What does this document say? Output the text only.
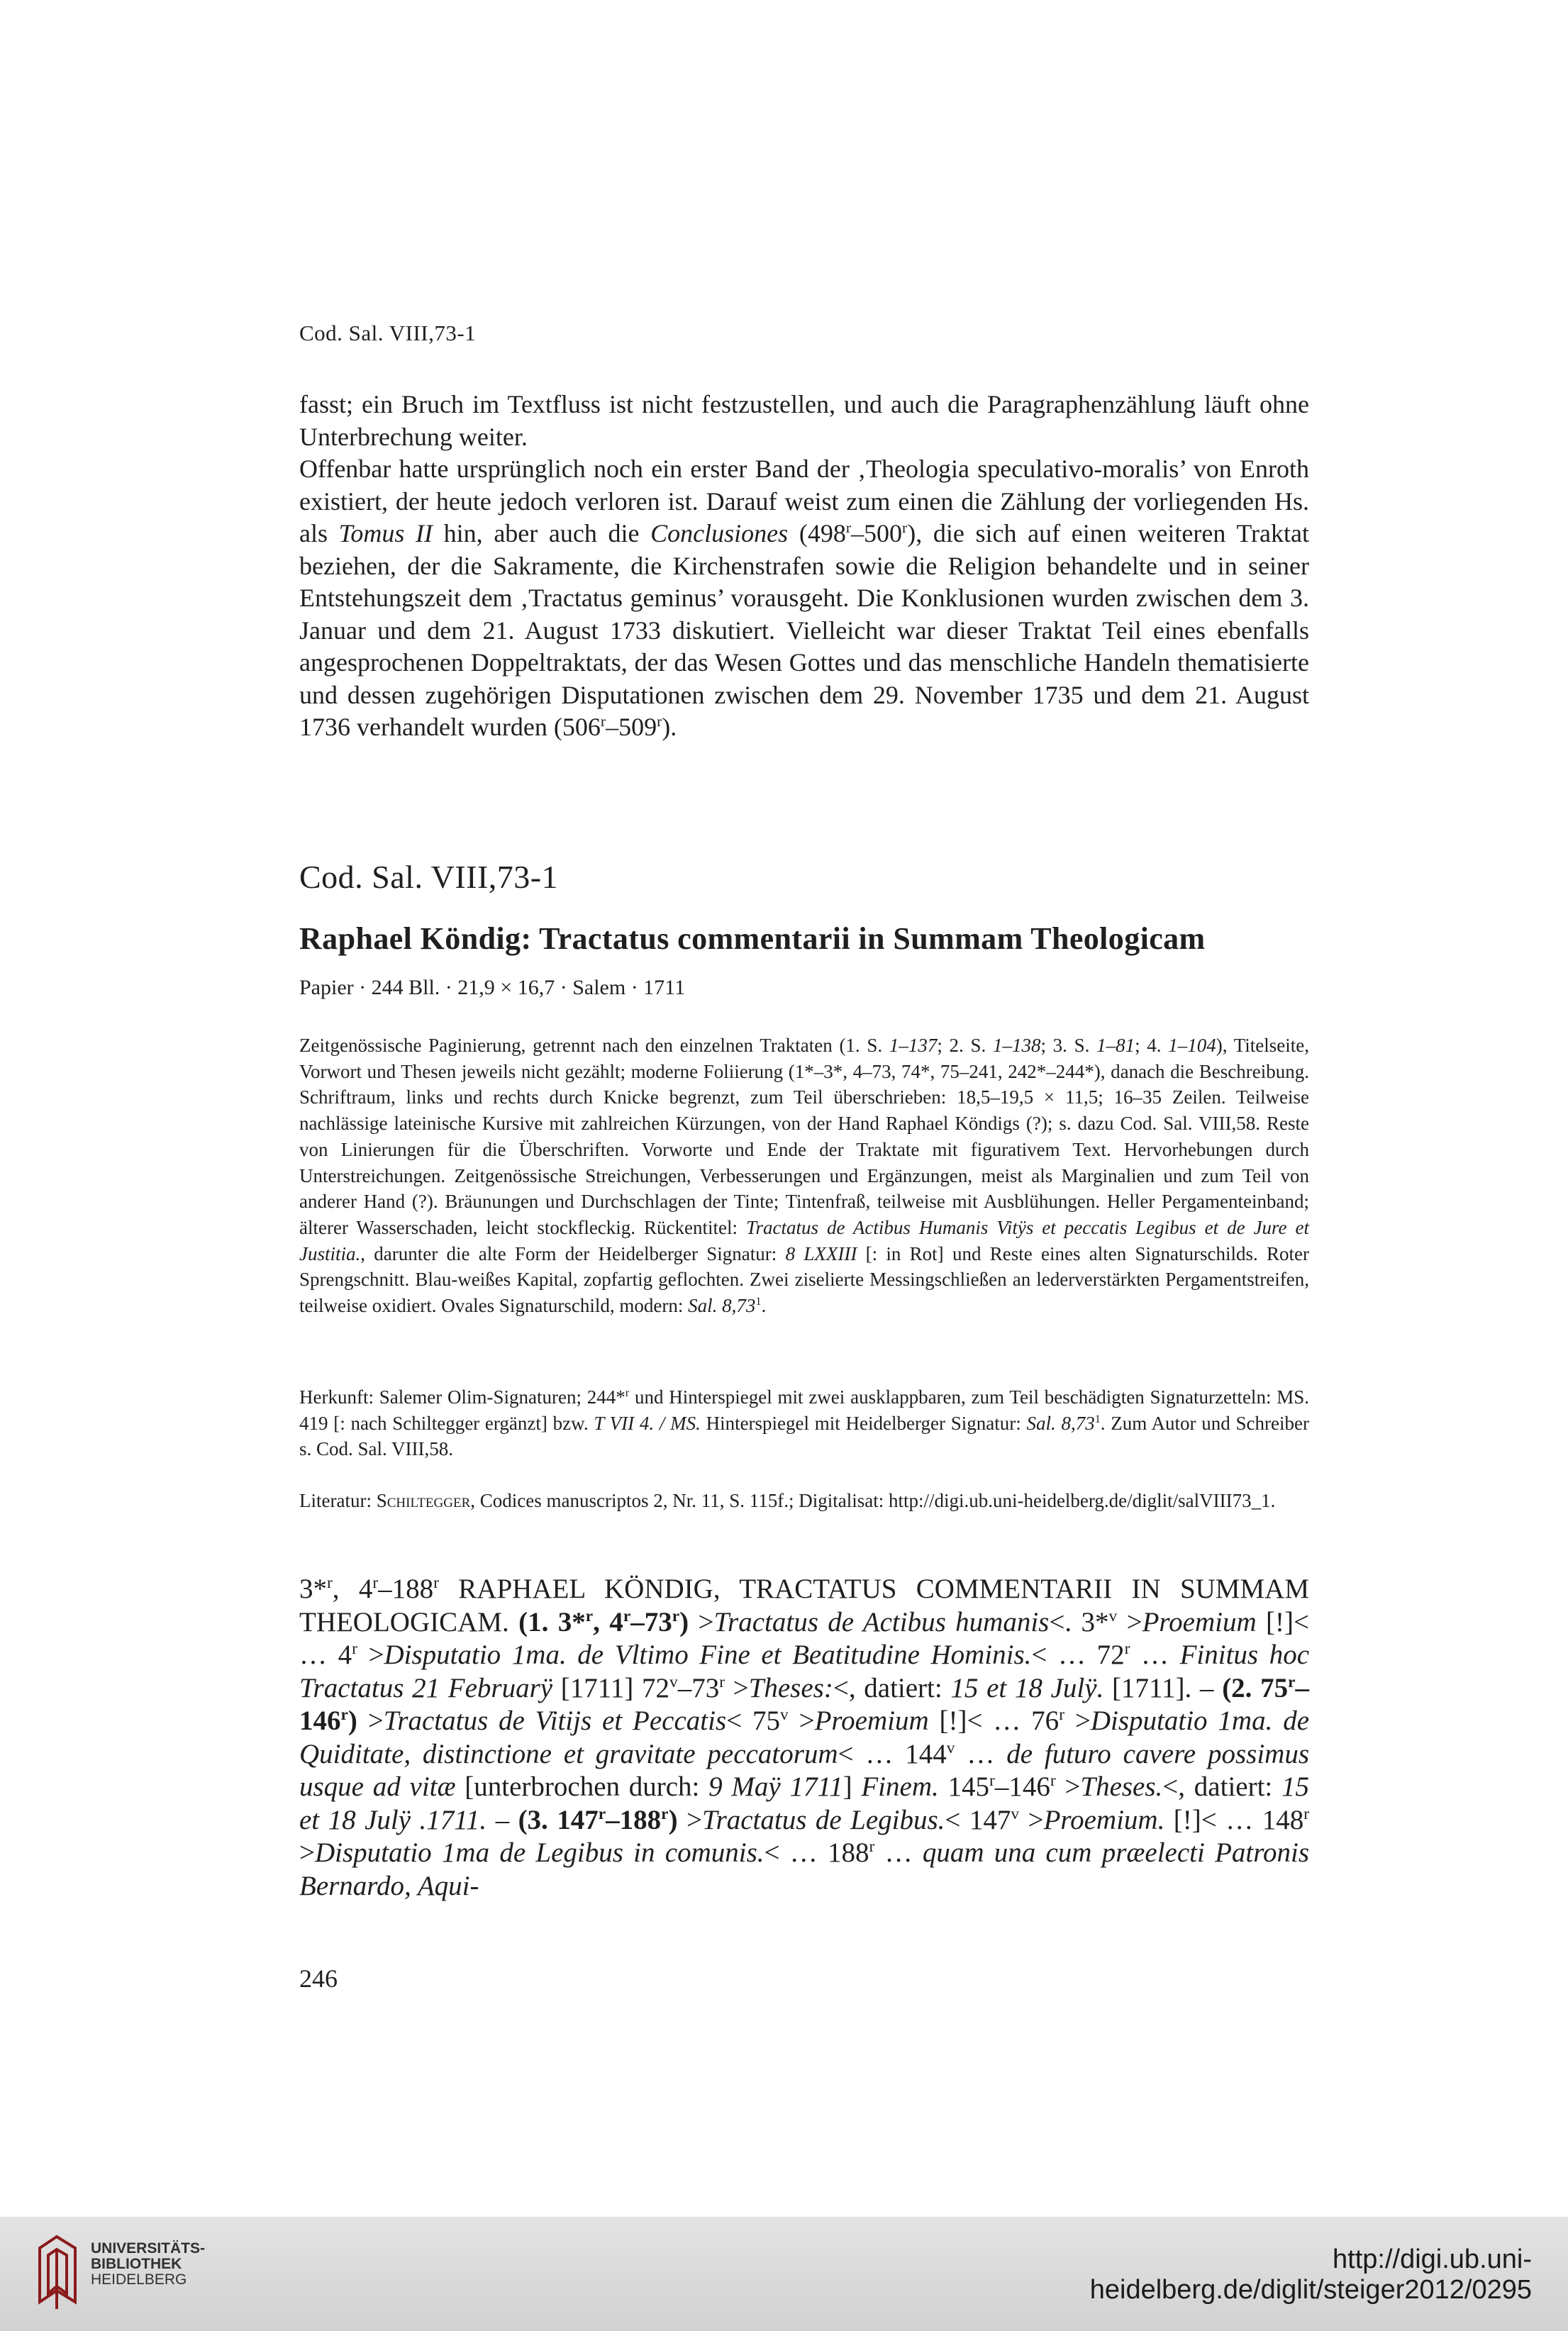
Cod. Sal. VIII,73-1

fasst; ein Bruch im Textfluss ist nicht festzustellen, und auch die Paragraphenzählung läuft ohne Unterbrechung weiter.

Offenbar hatte ursprünglich noch ein erster Band der ‚Theologia speculativo-moralis’ von Enroth existiert, der heute jedoch verloren ist. Darauf weist zum einen die Zählung der vorliegenden Hs. als Tomus II hin, aber auch die Conclusiones (498$^r$–500$^r$), die sich auf einen weiteren Traktat beziehen, der die Sakramente, die Kirchenstrafen sowie die Religion behandelte und in seiner Entstehungszeit dem ‚Tractatus geminus’ vorausgeht. Die Konklusionen wurden zwischen dem 3. Januar und dem 21. August 1733 diskutiert. Vielleicht war dieser Traktat Teil eines ebenfalls angesprochenen Doppeltraktats, der das Wesen Gottes und das menschliche Handeln thematisierte und dessen zugehörigen Disputationen zwischen dem 29. November 1735 und dem 21. August 1736 verhandelt wurden (506$^r$–509$^r$).

Cod. Sal. VIII,73-1
Raphael Köndig: Tractatus commentarii in Summam Theologicam
Papier · 244 Bll. · 21,9 × 16,7 · Salem · 1711
Zeitgenössische Paginierung, getrennt nach den einzelnen Traktaten (1. S. 1–137; 2. S. 1–138; 3. S. 1–81; 4. 1–104), Titelseite, Vorwort und Thesen jeweils nicht gezählt; moderne Foliierung (1*–3*, 4–73, 74*, 75–241, 242*–244*), danach die Beschreibung. Schriftraum, links und rechts durch Knicke begrenzt, zum Teil überschrieben: 18,5–19,5 × 11,5; 16–35 Zeilen. Teilweise nachlässige lateinische Kursive mit zahlreichen Kürzungen, von der Hand Raphael Köndigs (?); s. dazu Cod. Sal. VIII,58. Reste von Linierungen für die Überschriften. Vorworte und Ende der Traktate mit figurativem Text. Hervorhebungen durch Unterstreichungen. Zeitgenössische Streichungen, Verbesserungen und Ergänzungen, meist als Marginalien und zum Teil von anderer Hand (?). Bräunungen und Durchschlagen der Tinte; Tintenfraß, teilweise mit Ausblühungen. Heller Pergamenteinband; älterer Wasserschaden, leicht stockfleckig. Rückentitel: Tractatus de Actibus Humanis Vitÿs et peccatis Legibus et de Jure et Justitia., darunter die alte Form der Heidelberger Signatur: 8 LXXIII [: in Rot] und Reste eines alten Signaturschilds. Roter Sprengschnitt. Blau-weißes Kapital, zopfartig geflochten. Zwei ziselierte Messingschließen an lederverstärkten Pergamentstreifen, teilweise oxidiert. Ovales Signaturschild, modern: Sal. 8,73$^1$.
Herkunft: Salemer Olim-Signaturen; 244*$^r$ und Hinterspiegel mit zwei ausklappbaren, zum Teil beschädigten Signaturzetteln: MS. 419 [: nach Schiltegger ergänzt] bzw. T VII 4. / MS. Hinterspiegel mit Heidelberger Signatur: Sal. 8,73$^1$. Zum Autor und Schreiber s. Cod. Sal. VIII,58.
Literatur: Schiltegger, Codices manuscriptos 2, Nr. 11, S. 115f.; Digitalisat: http://digi.ub.uni-heidelberg.de/diglit/salVIII73_1.
3*$^r$, 4$^r$–188$^r$ RAPHAEL KÖNDIG, TRACTATUS COMMENTARII IN SUMMAM THEOLOGICAM. (1. 3*$^r$, $4^r-73^r$) >Tractatus de Actibus humanis<. 3*$^v$ >Proemium [!]< … $4^r$ >Disputatio 1ma. de Vltimo Fine et Beatitudine Hominis.< … 72$^r$ … Finitus hoc Tractatus 21 Februarÿ [1711] $72^v-73^r$ >Theses:<, datiert: 15 et 18 Julÿ. [1711]. – (2. $75^r-146^r$) >Tractatus de Vitijs et Peccatis< $75^v$ >Proemium [!]< … $76^r$ >Disputatio 1ma. de Quiditate, distinctione et gravitate peccatorum< … 144$^v$ … de futuro cavere possimus usque ad vitæ [unterbrochen durch: 9 Maÿ 1711] Finem. $145^r-146^r$ >Theses.<, datiert: 15 et 18 Julÿ .1711. – (3. $147^r-188^r$) >Tractatus de Legibus.< $147^v$ >Proemium. [!]< … $148^r$ >Disputatio 1ma de Legibus in comunis.< … 188$^r$ … quam una cum præelecti Patronis Bernardo, Aqui-
246
UNIVERSITÄTS-
BIBLIOTHEK
HEIDELBERG
http://digi.ub.uni-heidelberg.de/diglit/steiger2012/0295
